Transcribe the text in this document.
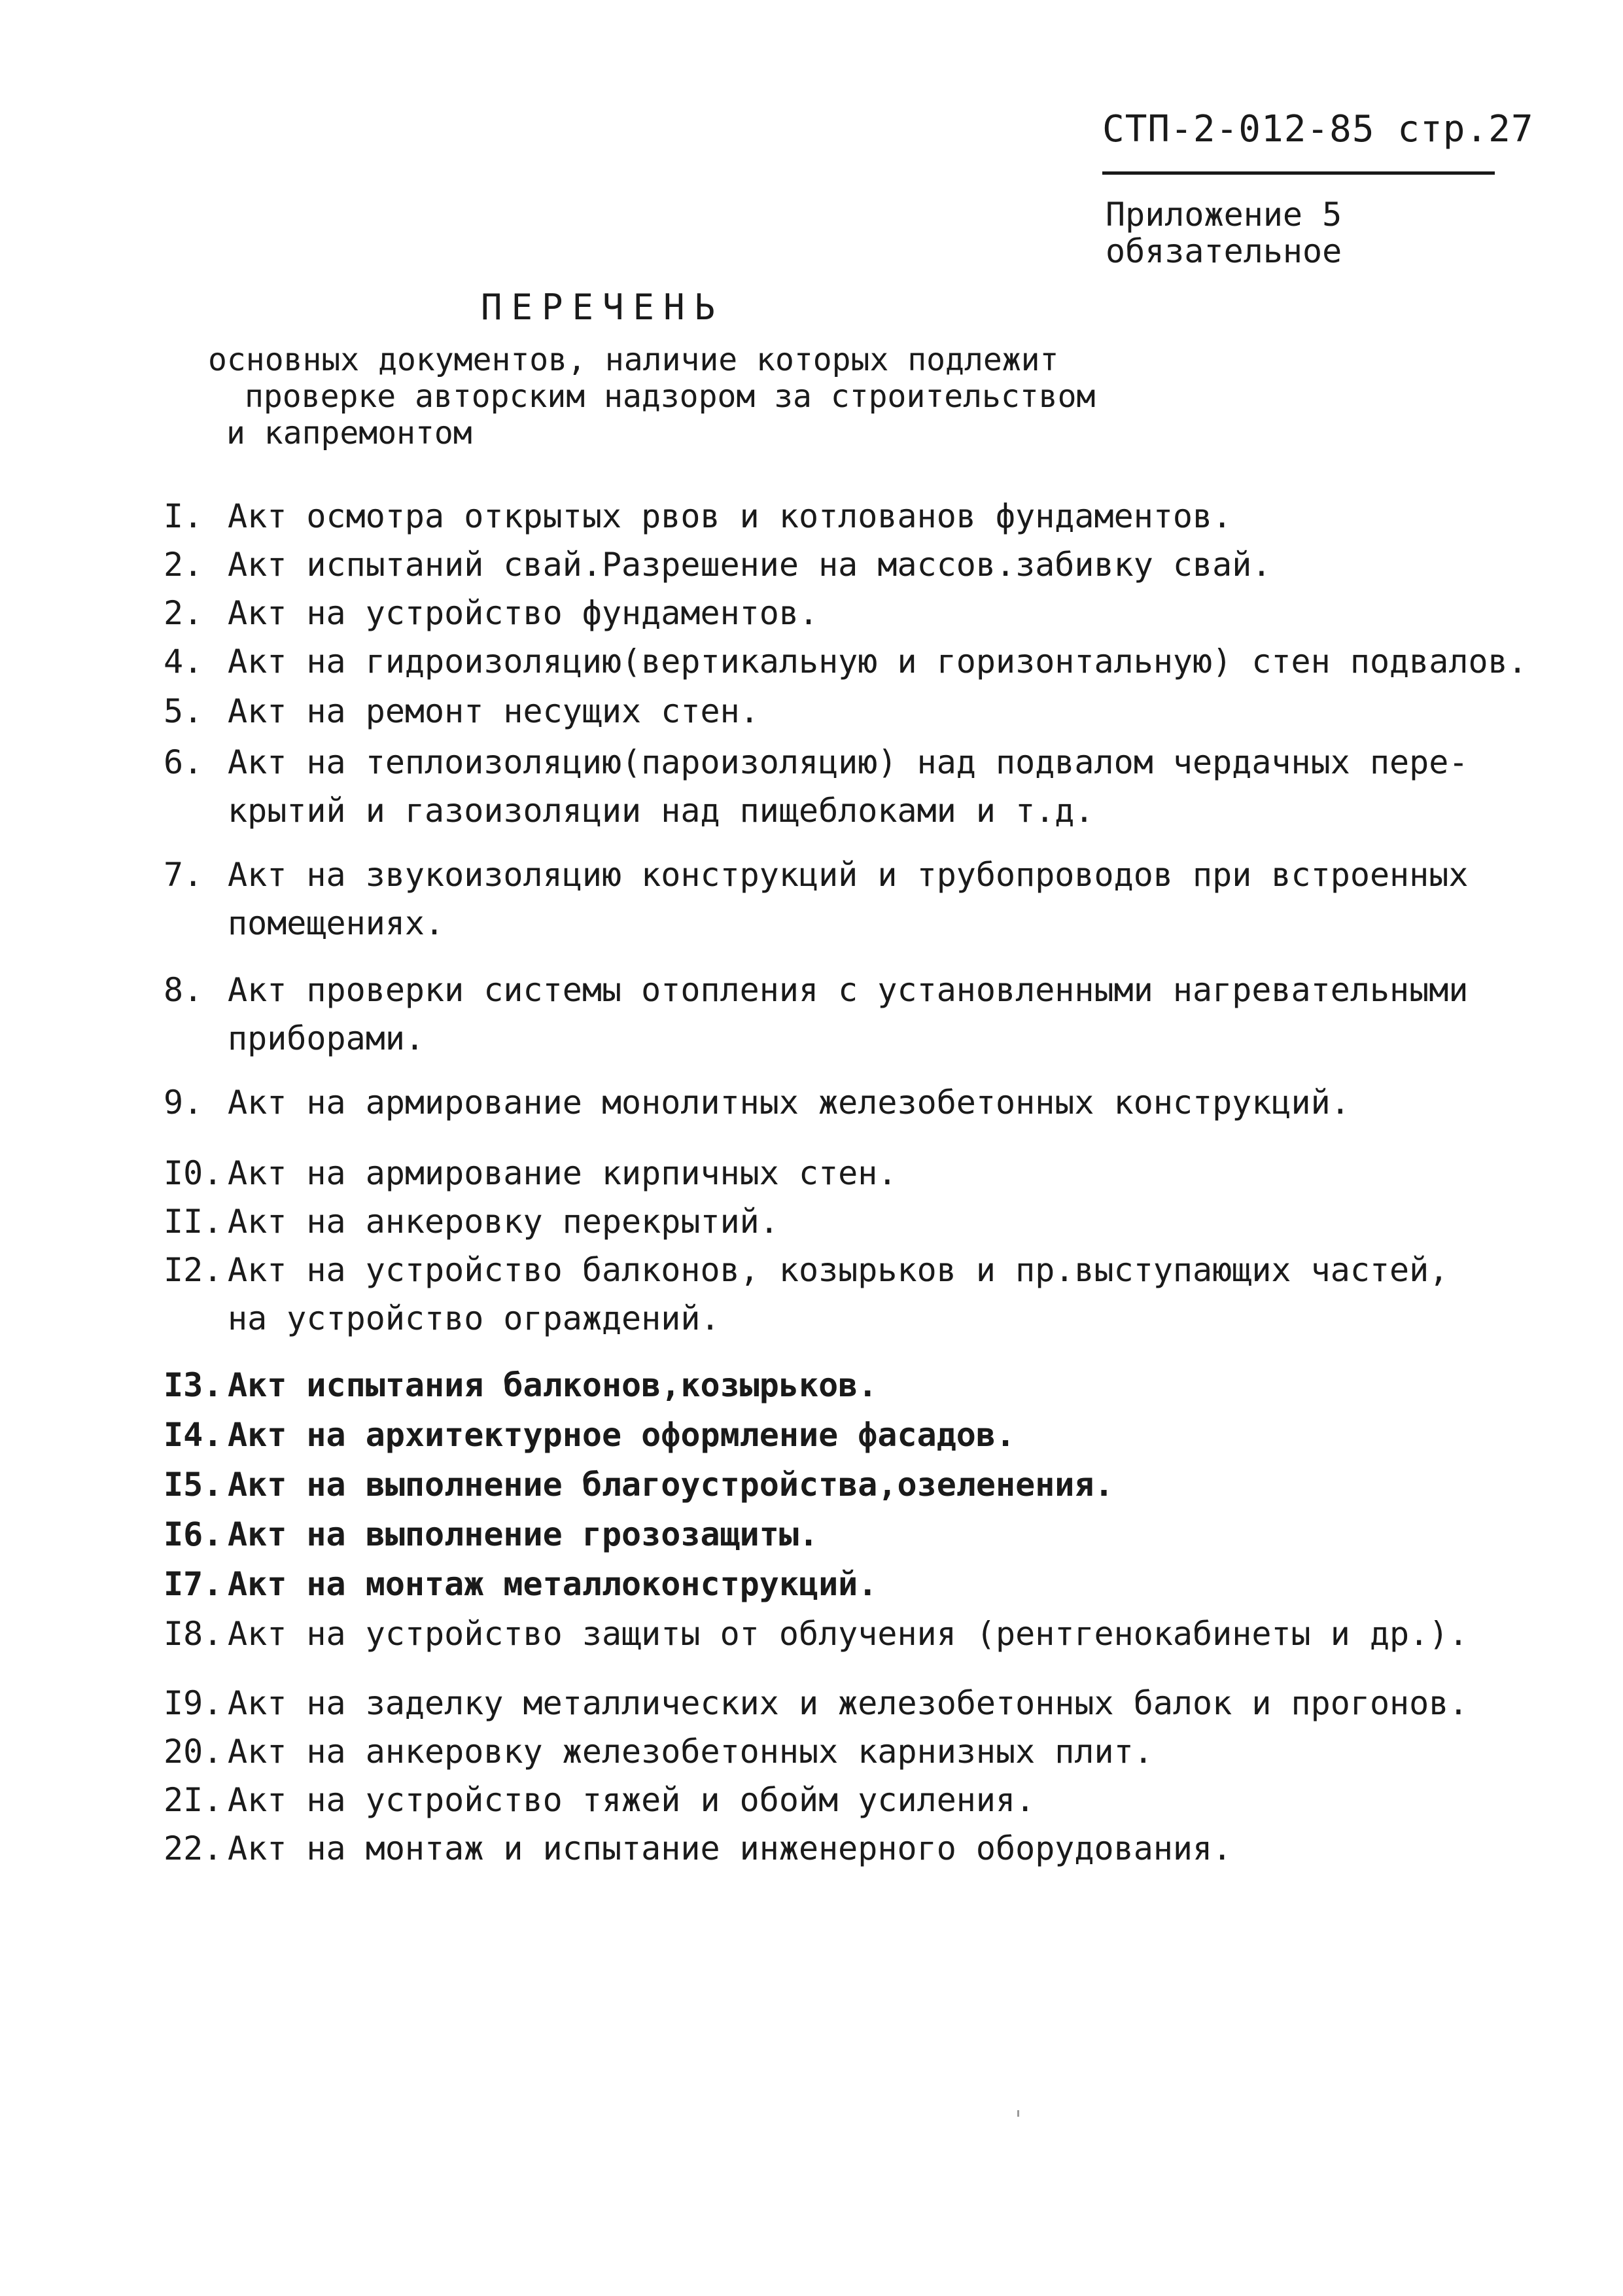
СТП-2-012-85 стр.27
Приложение 5
обязательное
ПЕРЕЧЕНЬ
основных документов, наличие которых подлежит
проверке авторским надзором за строительством
и капремонтом
I. Акт осмотра открытых рвов и котлованов фундаментов.
2. Акт испытаний свай.Разрешение на массов.забивку свай.
2. Акт на устройство фундаментов.
4. Акт на гидроизоляцию(вертикальную и горизонтальную) стен подвалов.
5. Акт на ремонт несущих стен.
6. Акт на теплоизоляцию(пароизоляцию) над подвалом чердачных пере-
крытий и газоизоляции над пищеблоками и т.д.
7. Акт на звукоизоляцию конструкций и трубопроводов при встроенных
помещениях.
8. Акт проверки системы отопления с установленными нагревательными
приборами.
9. Акт на армирование монолитных железобетонных конструкций.
I0. Акт на армирование кирпичных стен.
II. Акт на анкеровку перекрытий.
I2. Акт на устройство балконов, козырьков и пр.выступающих частей,
на устройство ограждений.
I3. Акт испытания балконов,козырьков.
I4. Акт на архитектурное оформление фасадов.
I5. Акт на выполнение благоустройства,озеленения.
I6. Акт на выполнение грозозащиты.
I7. Акт на монтаж металлоконструкций.
I8. Акт на устройство защиты от облучения (рентгенокабинеты и др.).
I9. Акт на заделку металлических и железобетонных балок и прогонов.
20. Акт на анкеровку железобетонных карнизных плит.
2I. Акт на устройство тяжей и обойм усиления.
22. Акт на монтаж и испытание инженерного оборудования.
